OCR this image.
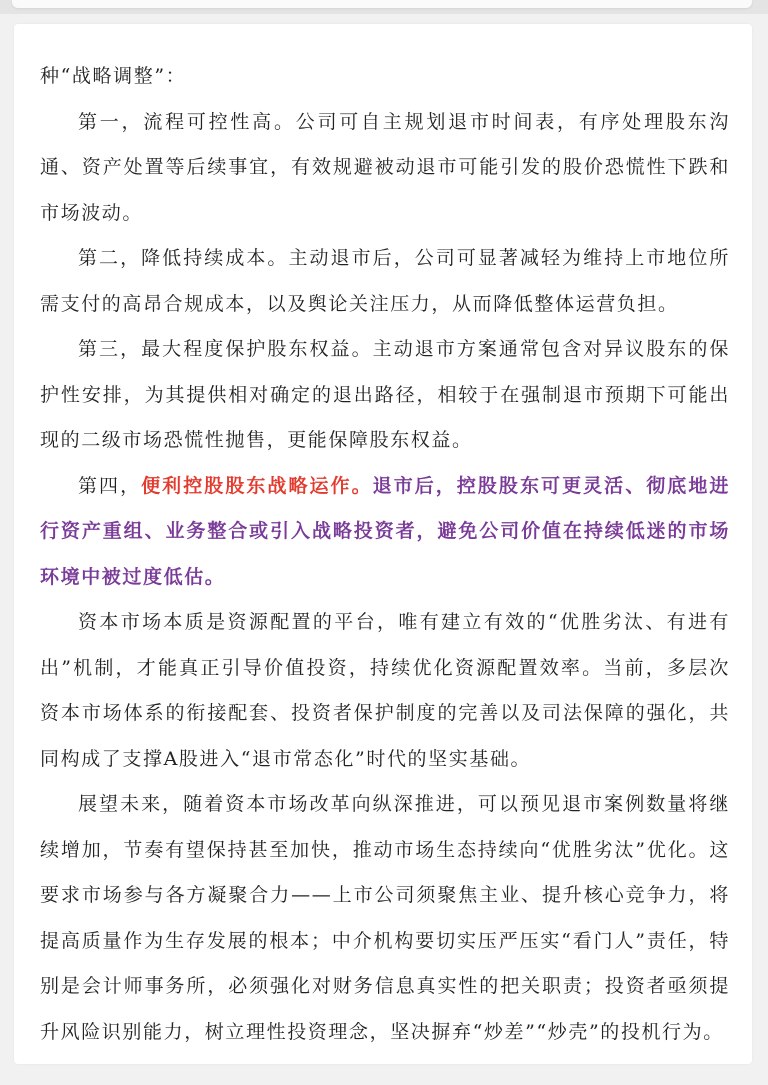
种“战略调整”：

第一，流程可控性高。公司可自主规划退市时间表，有序处理股东沟通、资产处置等后续事宜，有效规避被动退市可能引发的股价恐慌性下跌和市场波动。

第二，降低持续成本。主动退市后，公司可显著减轻为维持上市地位所需支付的高昂合规成本，以及舆论关注压力，从而降低整体运营负担。

第三，最大程度保护股东权益。主动退市方案通常包含对异议股东的保护性安排，为其提供相对确定的退出路径，相较于在强制退市预期下可能出现的二级市场恐慌性抛售，更能保障股东权益。

第四，便利控股股东战略运作。退市后，控股股东可更灵活、彻底地进行资产重组、业务整合或引入战略投资者，避免公司价值在持续低迷的市场环境中被过度低估。

资本市场本质是资源配置的平台，唯有建立有效的“优胜劣汰、有进有出”机制，才能真正引导价值投资，持续优化资源配置效率。当前，多层次资本市场体系的衔接配套、投资者保护制度的完善以及司法保障的强化，共同构成了支撑A股进入“退市常态化”时代的坚实基础。

展望未来，随着资本市场改革向纵深推进，可以预见退市案例数量将继续增加，节奏有望保持甚至加快，推动市场生态持续向“优胜劣汰”优化。这要求市场参与各方凝聚合力——上市公司须聚焦主业、提升核心竞争力，将提高质量作为生存发展的根本；中介机构要切实压严压实“看门人”责任，特别是会计师事务所，必须强化对财务信息真实性的把关职责；投资者亟须提升风险识别能力，树立理性投资理念，坚决摒弃“炒差”“炒壳”的投机行为。
